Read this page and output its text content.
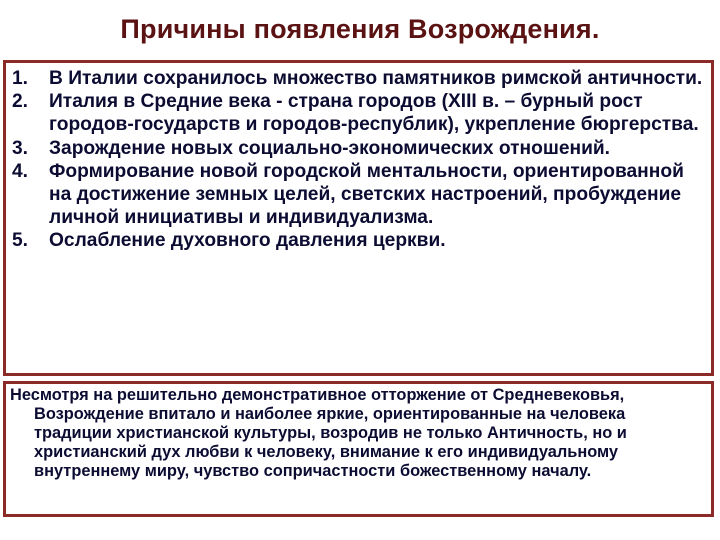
Причины появления Возрождения.
1.	В Италии сохранилось множество памятников римской античности.
2.	Италия в Средние века - страна городов (XIII в. – бурный рост городов-государств и городов-республик), укрепление бюргерства.
3.	Зарождение новых социально-экономических отношений.
4.	Формирование новой городской ментальности, ориентированной на достижение земных целей, светских настроений, пробуждение личной инициативы и индивидуализма.
5.	Ослабление духовного давления церкви.
Несмотря на решительно демонстративное отторжение от Средневековья, Возрождение впитало и наиболее яркие, ориентированные на человека традиции христианской культуры, возродив не только Античность, но и христианский дух любви к человеку, внимание к его индивидуальному внутреннему миру, чувство сопричастности божественному началу.
